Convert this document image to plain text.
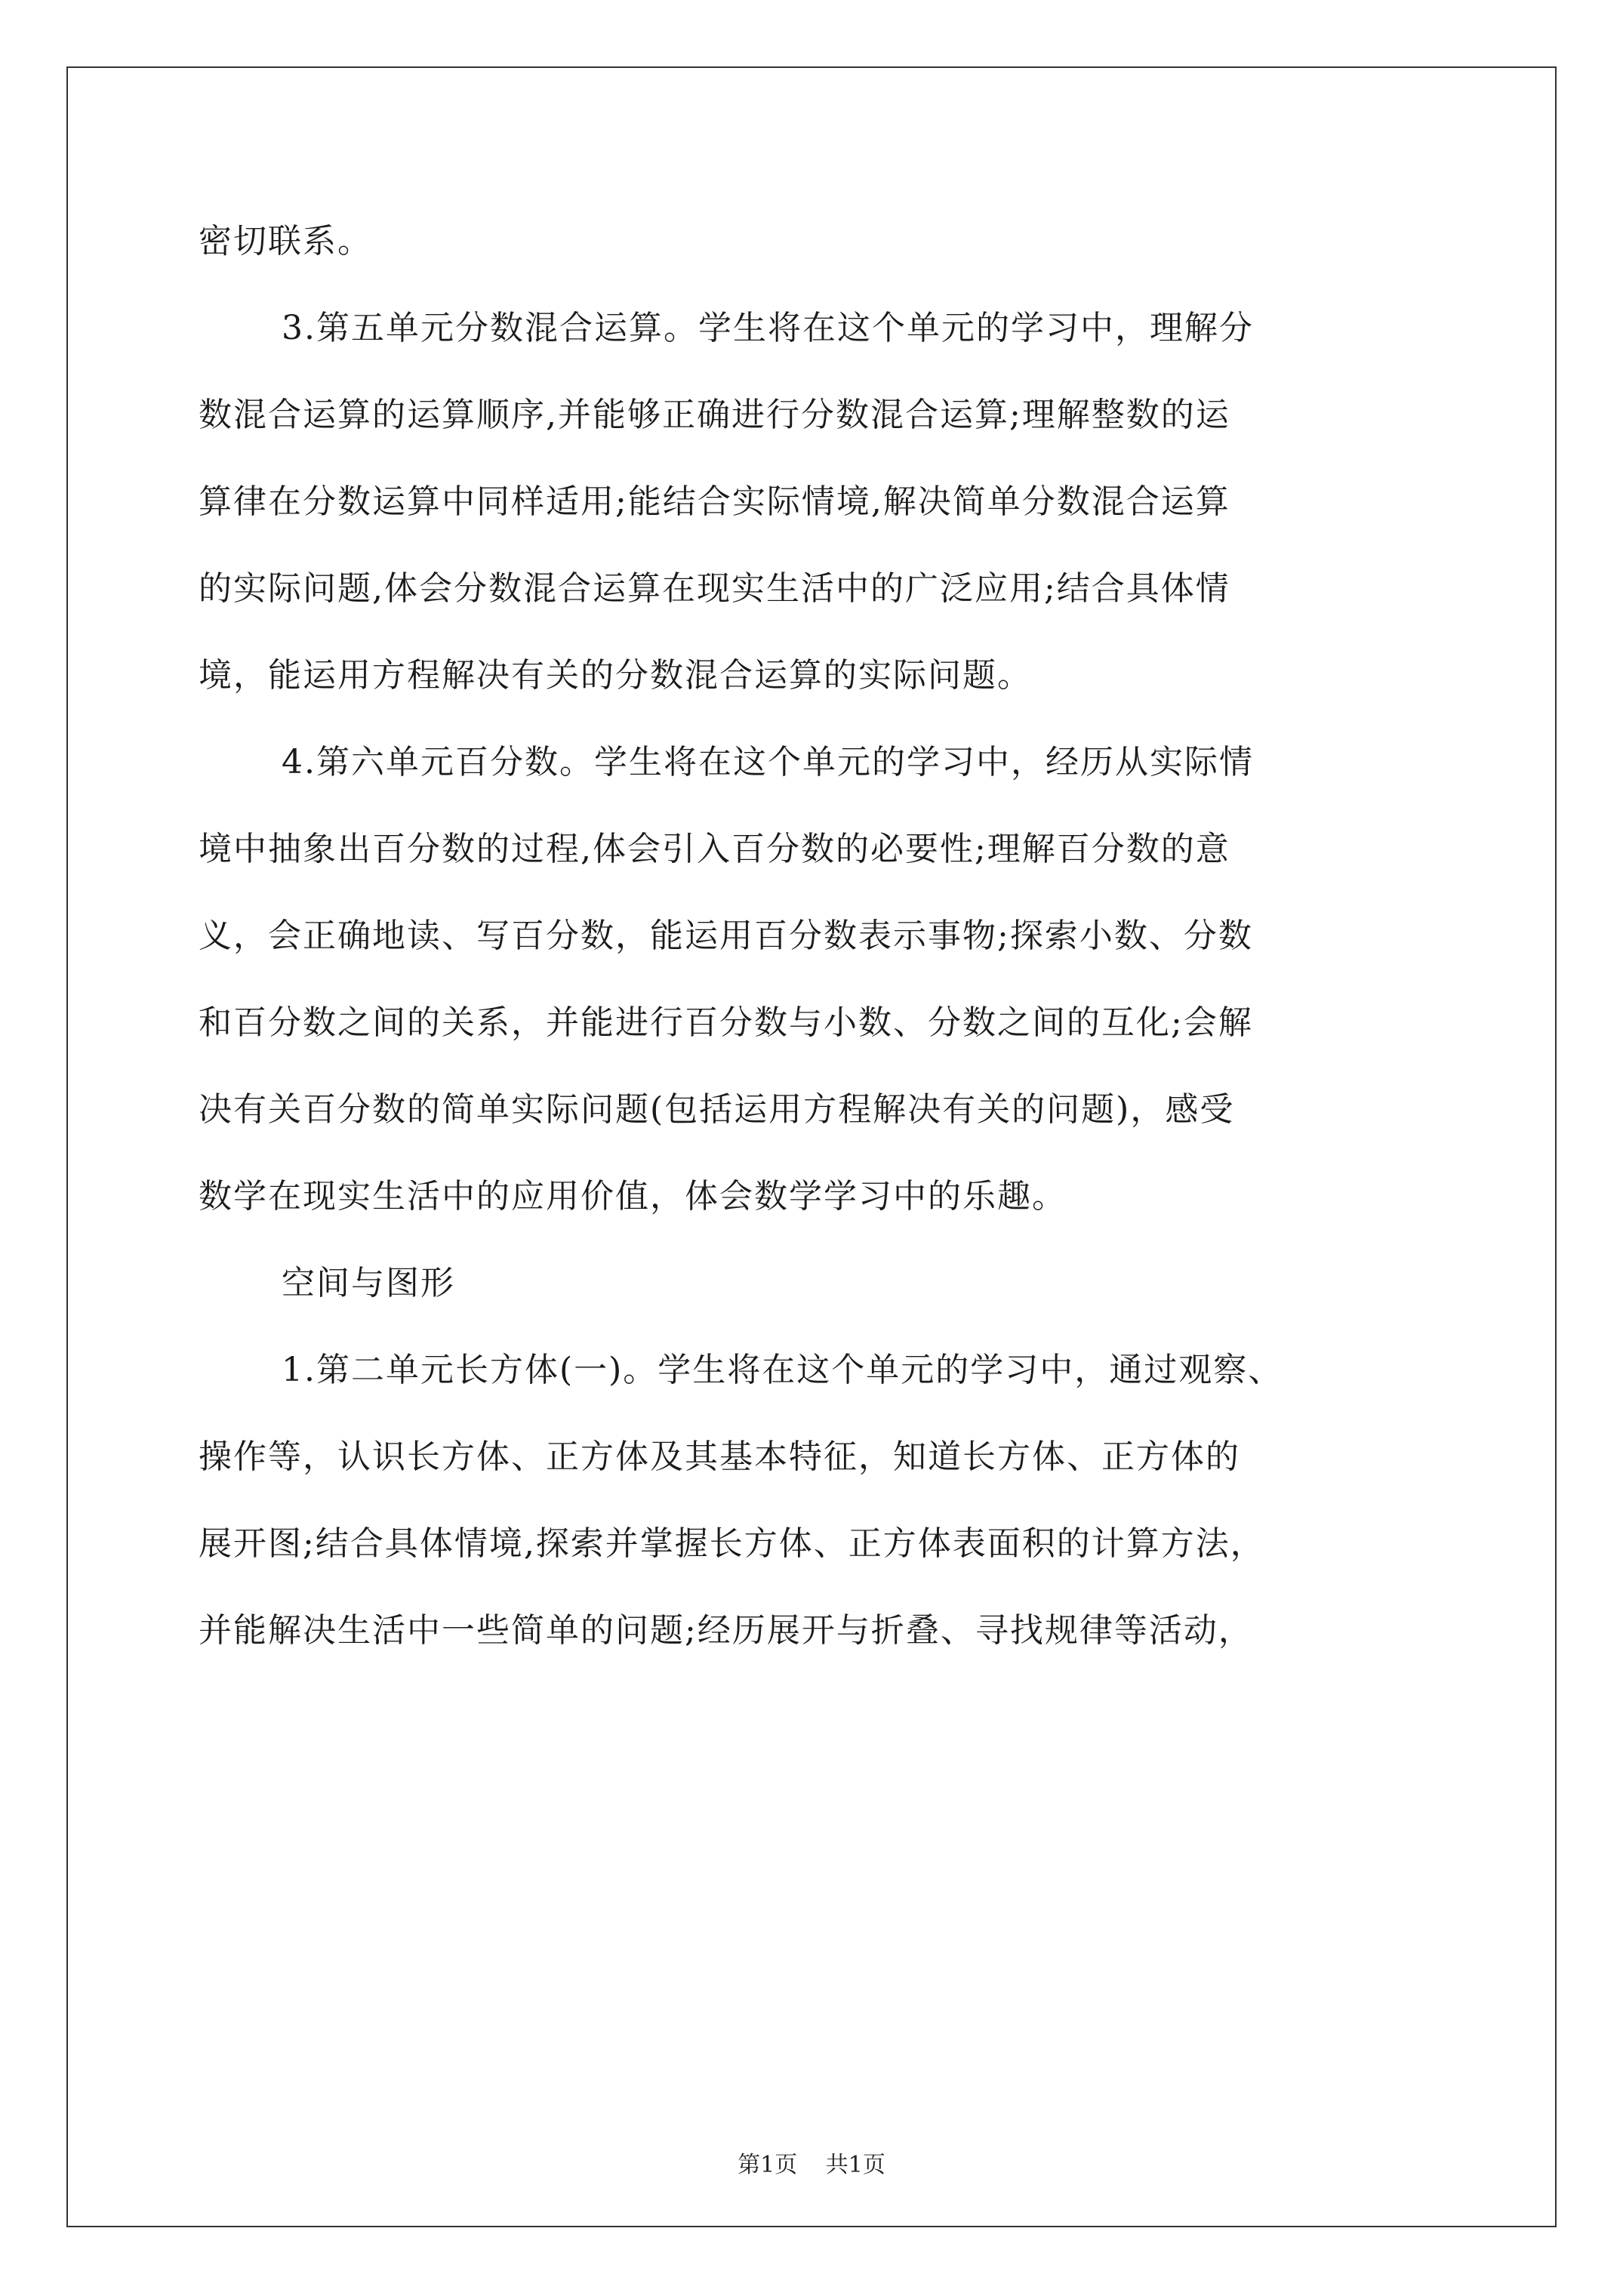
密切联系。
3.第五单元分数混合运算。学生将在这个单元的学习中，理解分
数混合运算的运算顺序,并能够正确进行分数混合运算;理解整数的运
算律在分数运算中同样适用;能结合实际情境,解决简单分数混合运算
的实际问题,体会分数混合运算在现实生活中的广泛应用;结合具体情
境，能运用方程解决有关的分数混合运算的实际问题。
4.第六单元百分数。学生将在这个单元的学习中，经历从实际情
境中抽象出百分数的过程,体会引入百分数的必要性;理解百分数的意
义，会正确地读、写百分数，能运用百分数表示事物;探索小数、分数
和百分数之间的关系，并能进行百分数与小数、分数之间的互化;会解
决有关百分数的简单实际问题(包括运用方程解决有关的问题)，感受
数学在现实生活中的应用价值，体会数学学习中的乐趣。
空间与图形
1.第二单元长方体(一)。学生将在这个单元的学习中，通过观察、
操作等，认识长方体、正方体及其基本特征，知道长方体、正方体的
展开图;结合具体情境,探索并掌握长方体、正方体表面积的计算方法，
并能解决生活中一些简单的问题;经历展开与折叠、寻找规律等活动，
第1页 共1页
